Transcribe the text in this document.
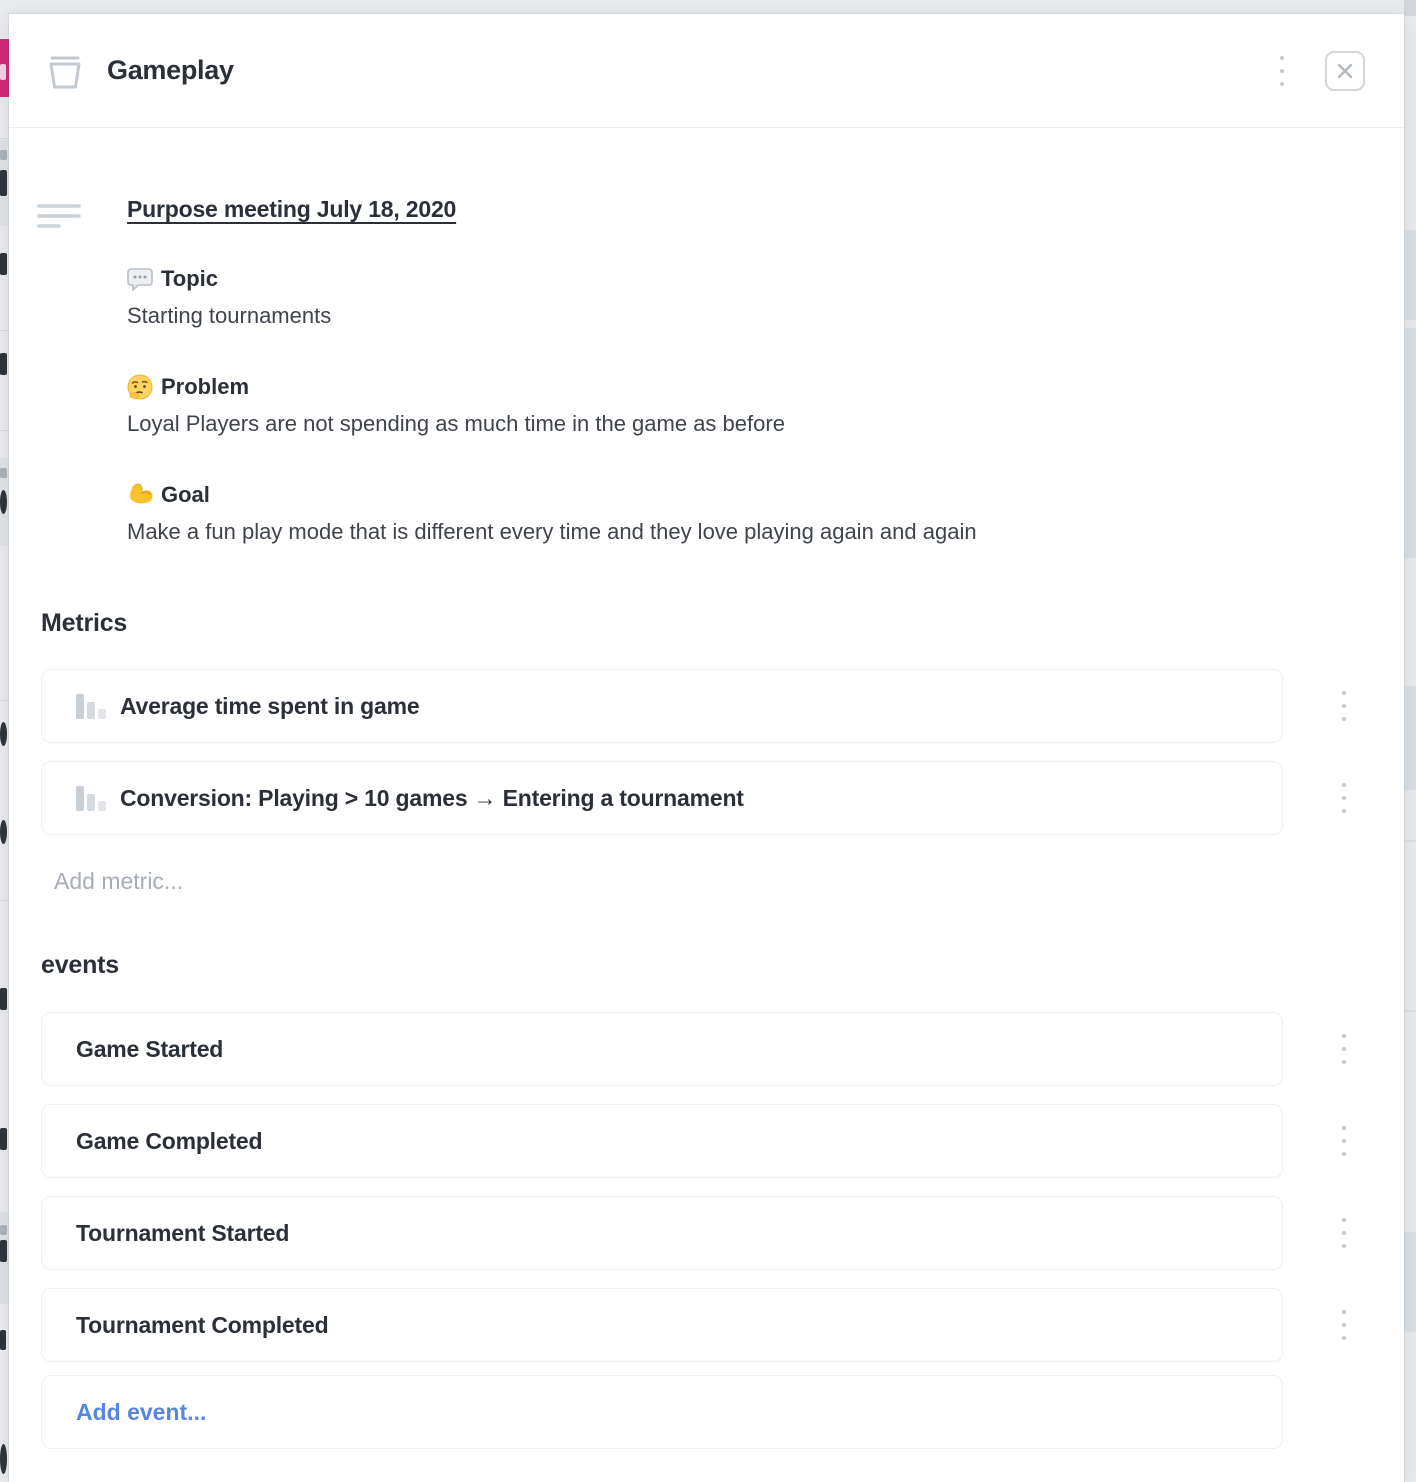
Gameplay
Purpose meeting July 18, 2020
Topic
Starting tournaments
Problem
Loyal Players are not spending as much time in the game as before
Goal
Make a fun play mode that is different every time and they love playing again and again
Metrics
Average time spent in game
Conversion: Playing > 10 games → Entering a tournament
Add metric...
events
Game Started
Game Completed
Tournament Started
Tournament Completed
Add event...
